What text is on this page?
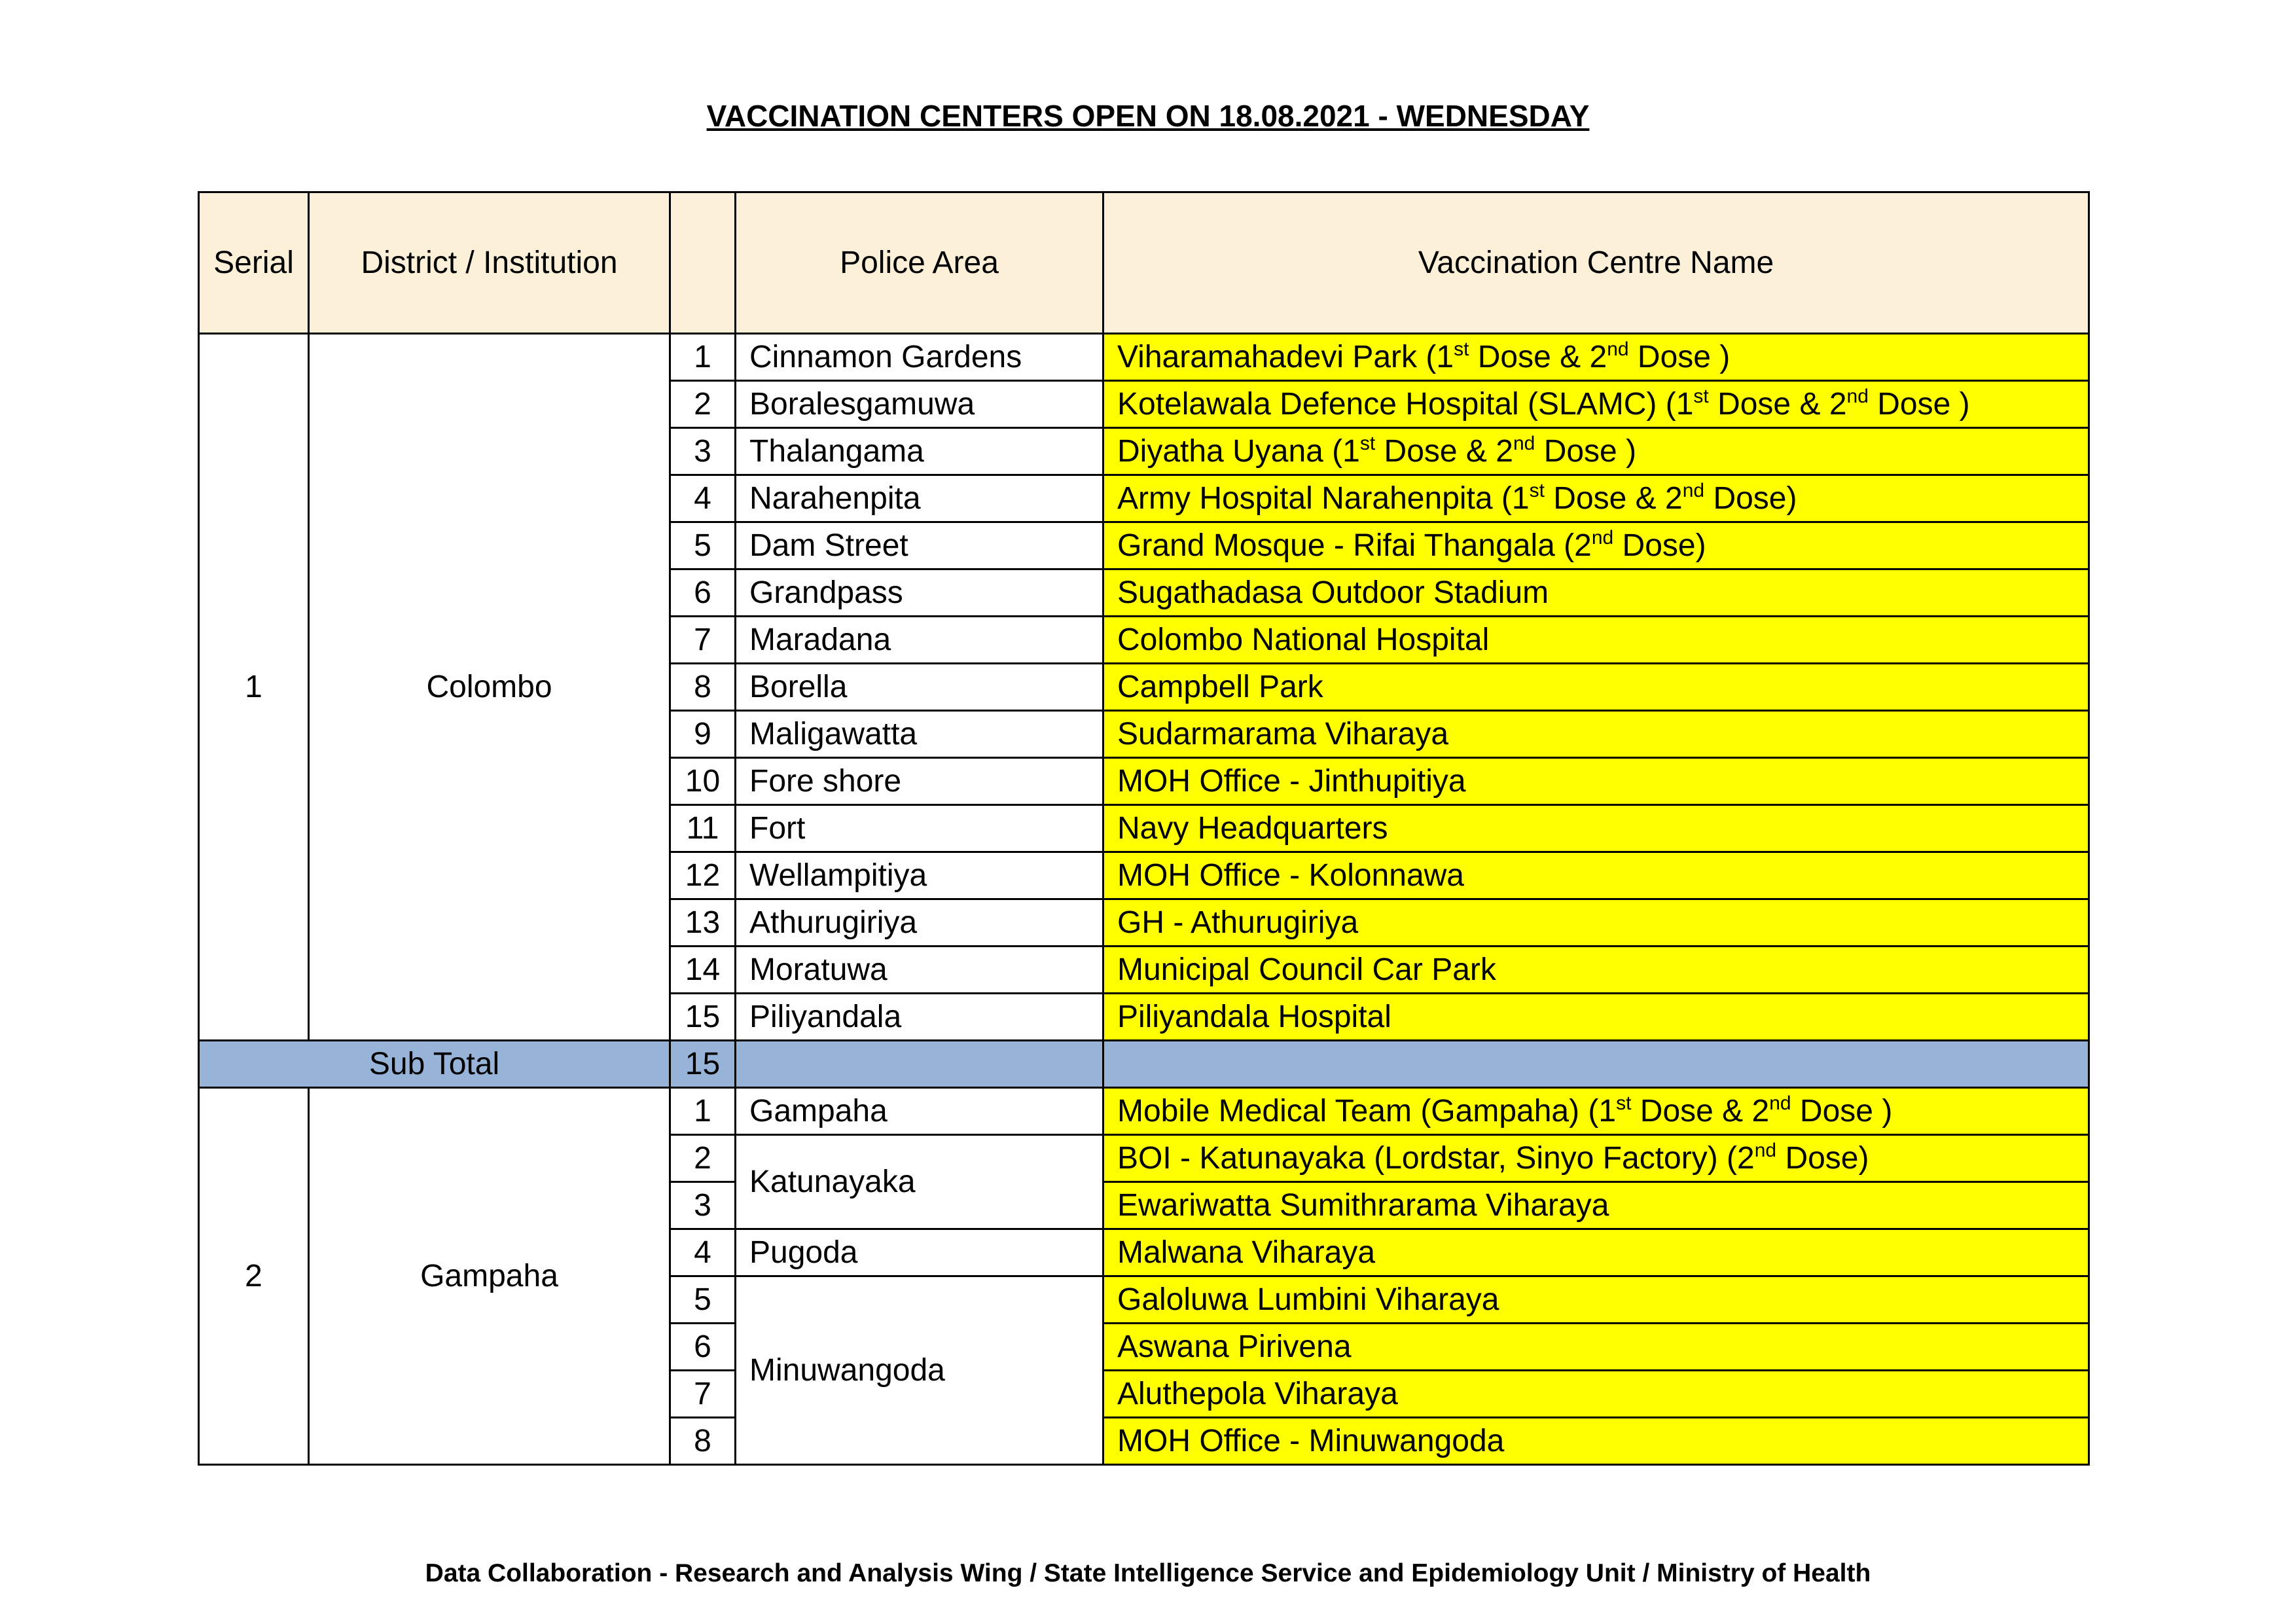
VACCINATION CENTERS OPEN ON 18.08.2021 - WEDNESDAY
Serial	District / Institution		Police Area	Vaccination Centre Name
1	Colombo	1	Cinnamon Gardens	Viharamahadevi Park (1st Dose & 2nd Dose )
		2	Boralesgamuwa	Kotelawala Defence Hospital (SLAMC) (1st Dose & 2nd Dose )
		3	Thalangama	Diyatha Uyana (1st Dose & 2nd Dose )
		4	Narahenpita	Army Hospital Narahenpita (1st Dose & 2nd Dose)
		5	Dam Street	Grand Mosque - Rifai Thangala (2nd Dose)
		6	Grandpass	Sugathadasa Outdoor Stadium
		7	Maradana	Colombo National Hospital
		8	Borella	Campbell Park
		9	Maligawatta	Sudarmarama Viharaya
		10	Fore shore	MOH Office - Jinthupitiya
		11	Fort	Navy Headquarters
		12	Wellampitiya	MOH Office - Kolonnawa
		13	Athurugiriya	GH - Athurugiriya
		14	Moratuwa	Municipal Council Car Park
		15	Piliyandala	Piliyandala Hospital
Sub Total		15		
2	Gampaha	1	Gampaha	Mobile Medical Team (Gampaha) (1st Dose & 2nd Dose )
		2	Katunayaka	BOI - Katunayaka (Lordstar, Sinyo Factory) (2nd Dose)
		3		Ewariwatta Sumithrarama Viharaya
		4	Pugoda	Malwana Viharaya
		5	Minuwangoda	Galoluwa Lumbini Viharaya
		6		Aswana Pirivena
		7		Aluthepola Viharaya
		8		MOH Office - Minuwangoda
Data Collaboration - Research and Analysis Wing / State Intelligence Service and Epidemiology Unit / Ministry of Health
